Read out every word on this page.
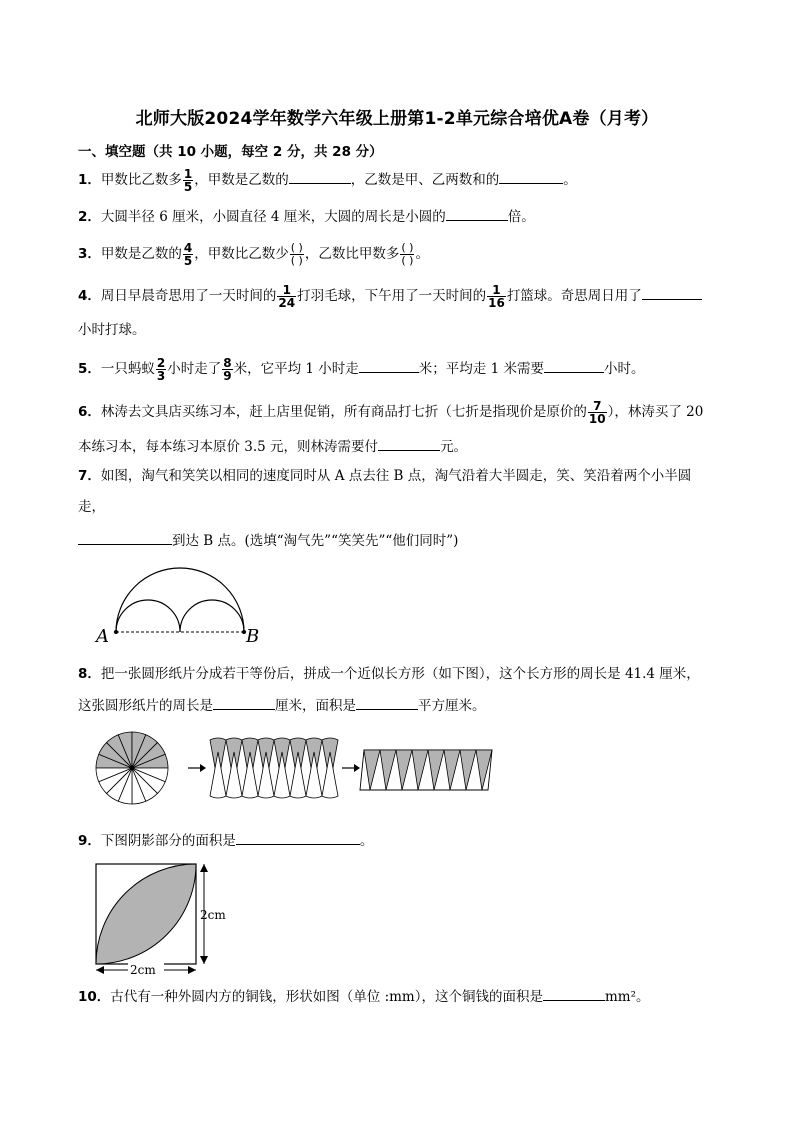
北师大版2024学年数学六年级上册第1-2单元综合培优A卷（月考）
一、填空题（共 10 小题，每空 2 分，共 28 分）
1．甲数比乙数多 $\frac{1}{5}$ ，甲数是乙数的	，乙数是甲、乙两数和的	。
2．大圆半径 6 厘米，小圆直径 4 厘米，大圆的周长是小圆的	倍。
3．甲数是乙数的 $\frac{4}{5}$ ，甲数比乙数少 $\frac{( )}{( )}$ ，乙数比甲数多 $\frac{( )}{( )}$ 。
4．周日早晨奇思用了一天时间的 $\frac{1}{24}$ 打羽毛球，下午用了一天时间的 $\frac{1}{16}$ 打篮球。奇思周日用了
小时打球。
5．一只蚂蚁 $\frac{2}{3}$ 小时走了 $\frac{8}{9}$ 米，它平均 1 小时走	米；平均走 1 米需要	小时。
6．林涛去文具店买练习本，赶上店里促销，所有商品打七折（七折是指现价是原价的 $\frac{7}{10}$ ），林涛买了 20
本练习本，每本练习本原价 3.5 元，则林涛需要付	元。
7．如图，淘气和笑笑以相同的速度同时从 A 点去往 B 点，淘气沿着大半圆走，笑、笑沿着两个小半圆
走，
到达 B 点。(选填“淘气先”“笑笑先”“他们同时”)
A	B
8．把一张圆形纸片分成若干等份后，拼成一个近似长方形（如下图），这个长方形的周长是 41.4 厘米，
这张圆形纸片的周长是	厘米，面积是	平方厘米。
9．下图阴影部分的面积是	。
2cm
2cm
10．古代有一种外圆内方的铜钱，形状如图（单位 :mm），这个铜钱的面积是	mm²。
